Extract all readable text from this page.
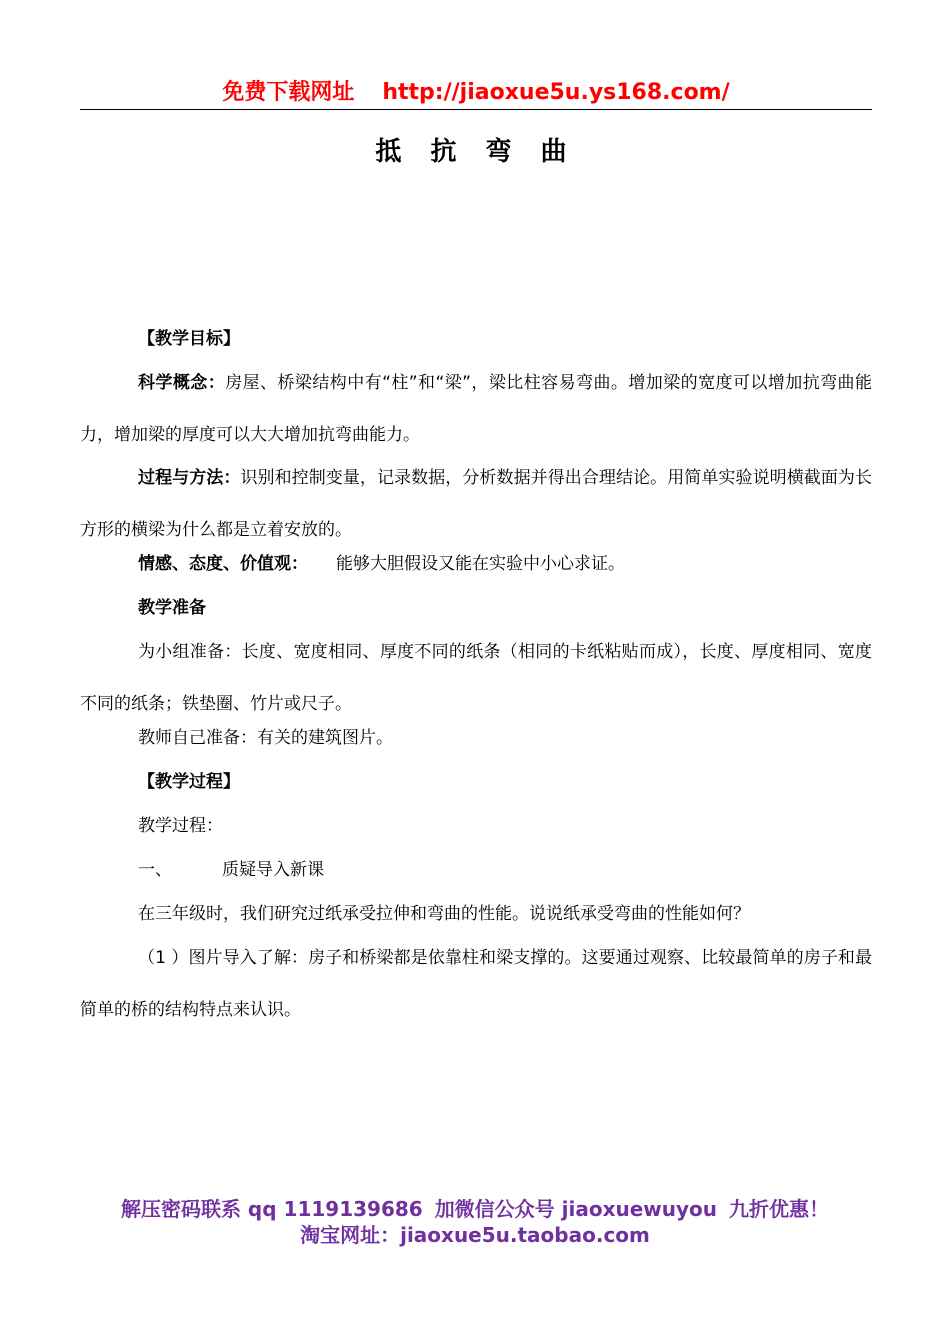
免费下载网址 http://jiaoxue5u.ys168.com/
抵 抗 弯 曲

【教学目标】

科学概念：房屋、桥梁结构中有“柱”和“梁”，梁比柱容易弯曲。增加梁的宽度可以增加抗弯曲能力，增加梁的厚度可以大大增加抗弯曲能力。

过程与方法：识别和控制变量，记录数据，分析数据并得出合理结论。用简单实验说明横截面为长方形的横梁为什么都是立着安放的。

情感、态度、价值观： 能够大胆假设又能在实验中小心求证。

教学准备

为小组准备：长度、宽度相同、厚度不同的纸条（相同的卡纸粘贴而成），长度、厚度相同、宽度不同的纸条；铁垫圈、竹片或尺子。

教师自己准备：有关的建筑图片。

【教学过程】

教学过程：

一、	质疑导入新课

在三年级时，我们研究过纸承受拉伸和弯曲的性能。说说纸承受弯曲的性能如何？

（1 ）图片导入了解：房子和桥梁都是依靠柱和梁支撑的。这要通过观察、比较最简单的房子和最简单的桥的结构特点来认识。

解压密码联系 qq 1119139686 加微信公众号 jiaoxuewuyou 九折优惠！
淘宝网址：jiaoxue5u.taobao.com
